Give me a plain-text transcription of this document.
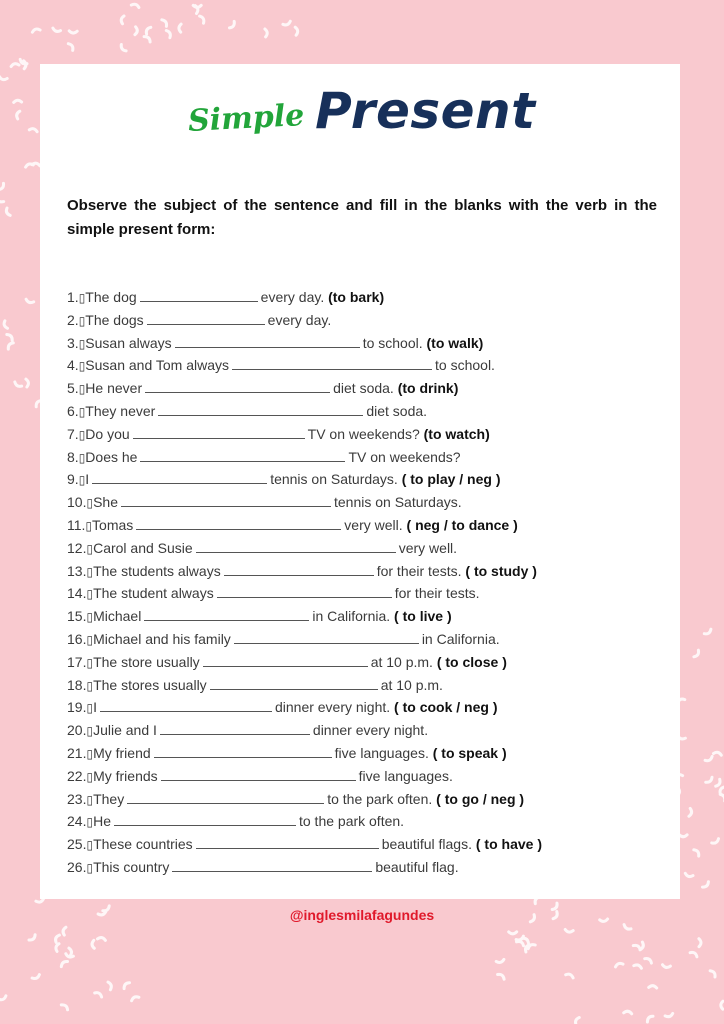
Simple Present
Observe the subject of the sentence and fill in the blanks with the verb in the simple present form:
1.▯The dog	every day. (to bark)
2.▯The dogs	every day.
3.▯Susan always	to school. (to walk)
4.▯Susan and Tom always	to school.
5.▯He never	diet soda. (to drink)
6.▯They never	diet soda.
7.▯Do you	TV on weekends? (to watch)
8.▯Does he	TV on weekends?
9.▯I	tennis on Saturdays. ( to play / neg )
10.▯She	tennis on Saturdays.
11.▯Tomas	very well. ( neg / to dance )
12.▯Carol and Susie	very well.
13.▯The students always	for their tests. ( to study )
14.▯The student always	for their tests.
15.▯Michael	in California. ( to live )
16.▯Michael and his family	in California.
17.▯The store usually	at 10 p.m. ( to close )
18.▯The stores usually	at 10 p.m.
19.▯I	dinner every night. ( to cook / neg )
20.▯Julie and I	dinner every night.
21.▯My friend	five languages. ( to speak )
22.▯My friends	five languages.
23.▯They	to the park often. ( to go / neg )
24.▯He	to the park often.
25.▯These countries	beautiful flags. ( to have )
26.▯This country	beautiful flag.
@inglesmilafagundes
